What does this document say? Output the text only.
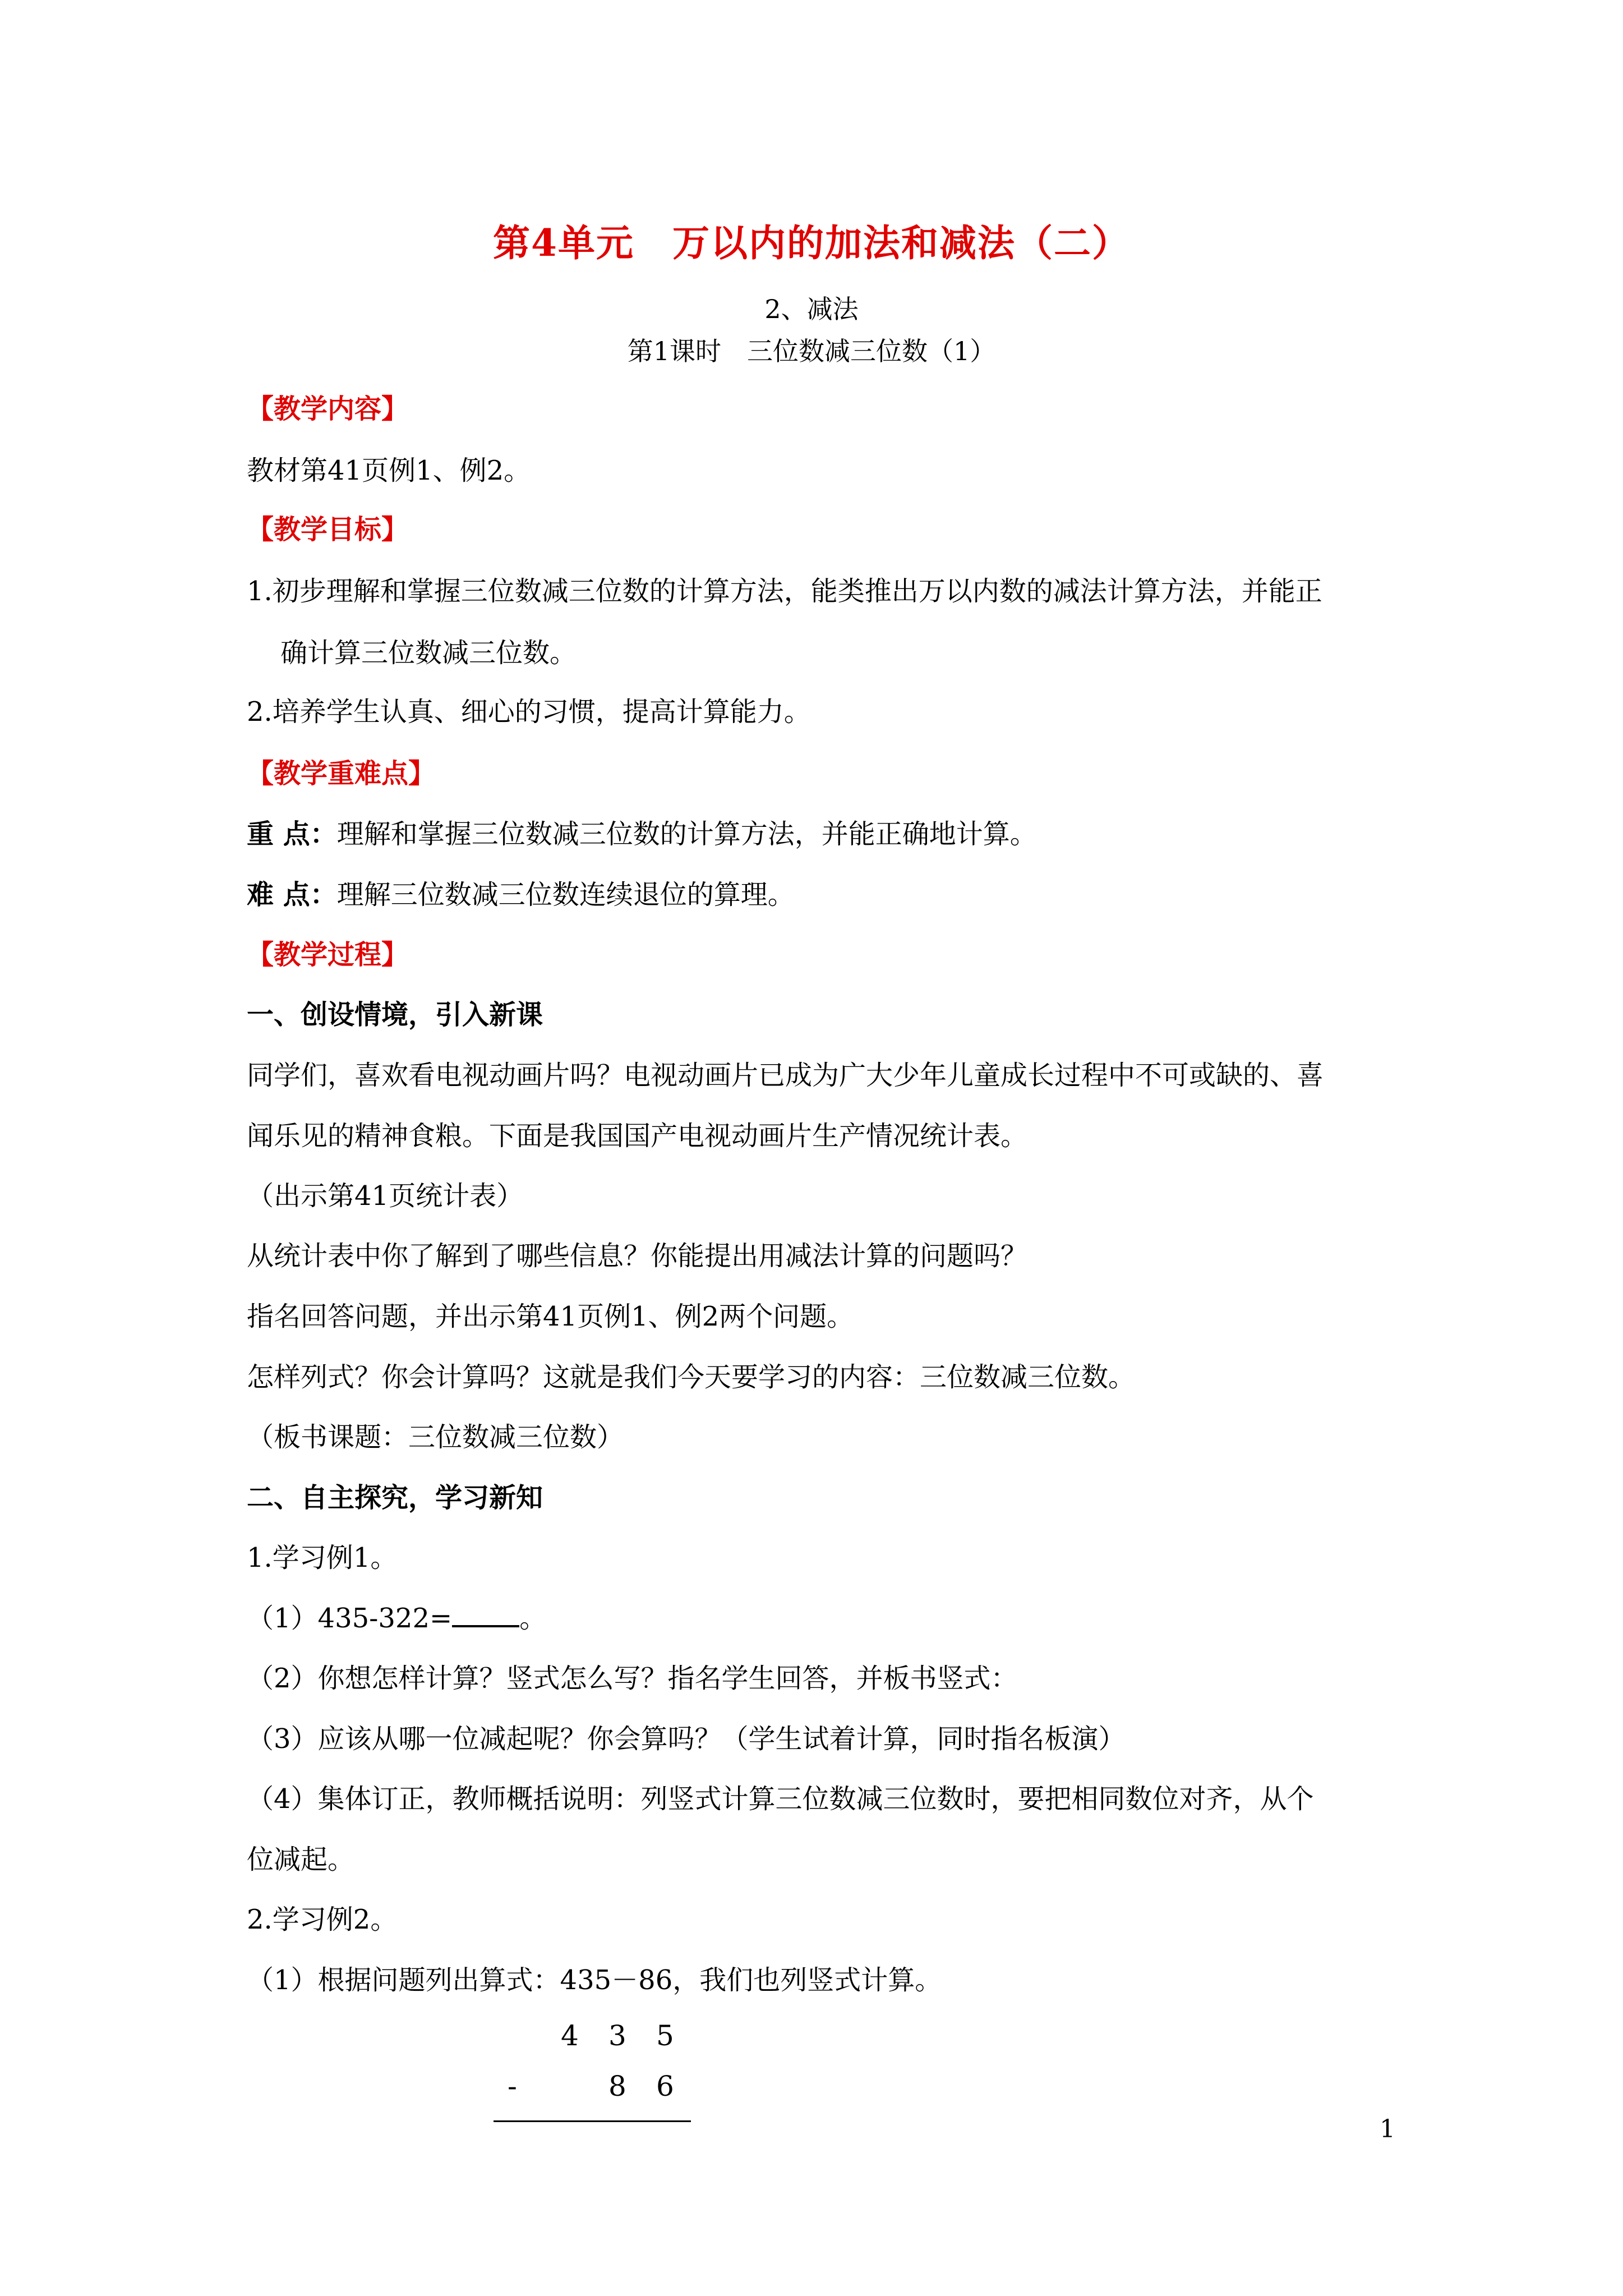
第4单元　万以内的加法和减法（二）
2、减法
第1课时　三位数减三位数（1）
【教学内容】
教材第41页例1、例2。
【教学目标】
1.初步理解和掌握三位数减三位数的计算方法，能类推出万以内数的减法计算方法，并能正
确计算三位数减三位数。
2.培养学生认真、细心的习惯，提高计算能力。
【教学重难点】
重 点：理解和掌握三位数减三位数的计算方法，并能正确地计算。
难 点：理解三位数减三位数连续退位的算理。
【教学过程】
一、创设情境，引入新课
同学们，喜欢看电视动画片吗？电视动画片已成为广大少年儿童成长过程中不可或缺的、喜
闻乐见的精神食粮。下面是我国国产电视动画片生产情况统计表。
（出示第41页统计表）
从统计表中你了解到了哪些信息？你能提出用减法计算的问题吗？
指名回答问题，并出示第41页例1、例2两个问题。
怎样列式？你会计算吗？这就是我们今天要学习的内容：三位数减三位数。
（板书课题：三位数减三位数）
二、自主探究，学习新知
1.学习例1。
（1）435-322=	。
（2）你想怎样计算？竖式怎么写？指名学生回答，并板书竖式：
（3）应该从哪一位减起呢？你会算吗？（学生试着计算，同时指名板演）
（4）集体订正，教师概括说明：列竖式计算三位数减三位数时，要把相同数位对齐，从个
位减起。
2.学习例2。
（1）根据问题列出算式：435－86，我们也列竖式计算。
4 3 5
-	8 6
1
